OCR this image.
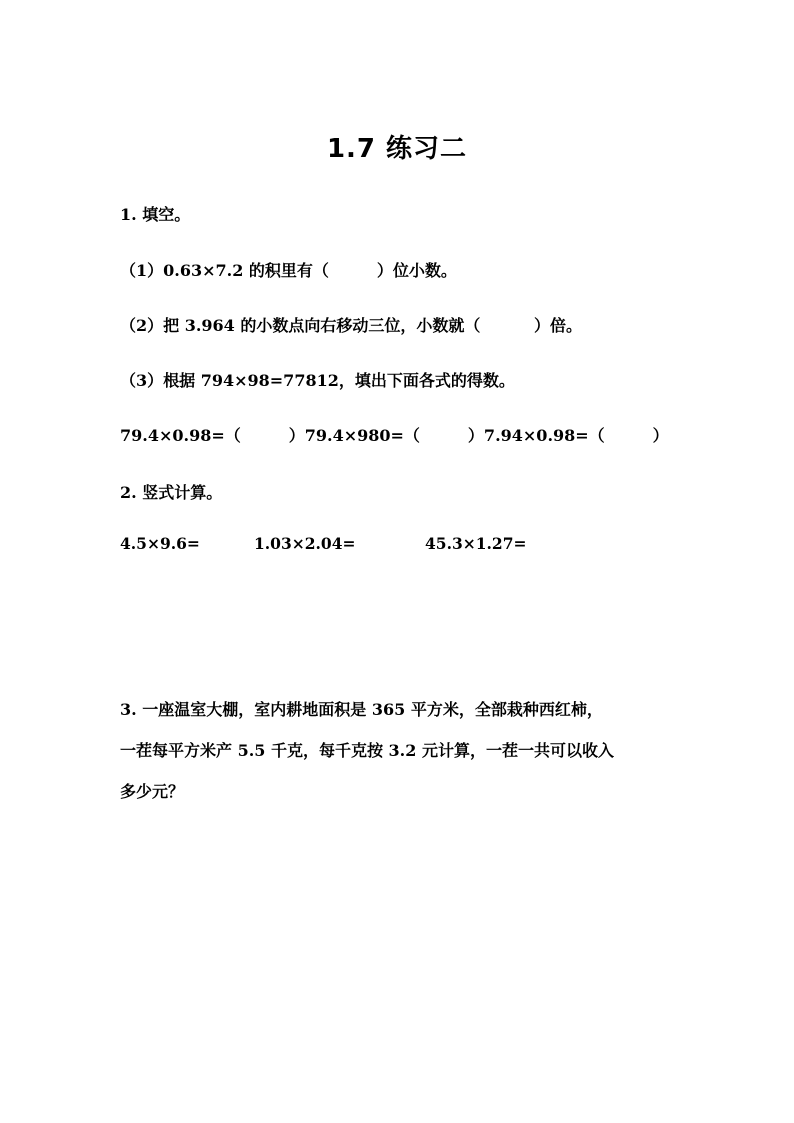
1.7 练习二
1. 填空。
（1）0.63×7.2 的积里有（　　　）位小数。
（2）把 3.964 的小数点向右移动三位，小数就（　　　 ）倍。
（3）根据 794×98=77812，填出下面各式的得数。
79.4×0.98=（　　　）79.4×980=（　　　）7.94×0.98=（　　　）
2. 竖式计算。
4.5×9.6=	1.03×2.04=	45.3×1.27=
3. 一座温室大棚，室内耕地面积是 365 平方米，全部栽种西红柿，
一茬每平方米产 5.5 千克，每千克按 3.2 元计算，一茬一共可以收入
多少元？
